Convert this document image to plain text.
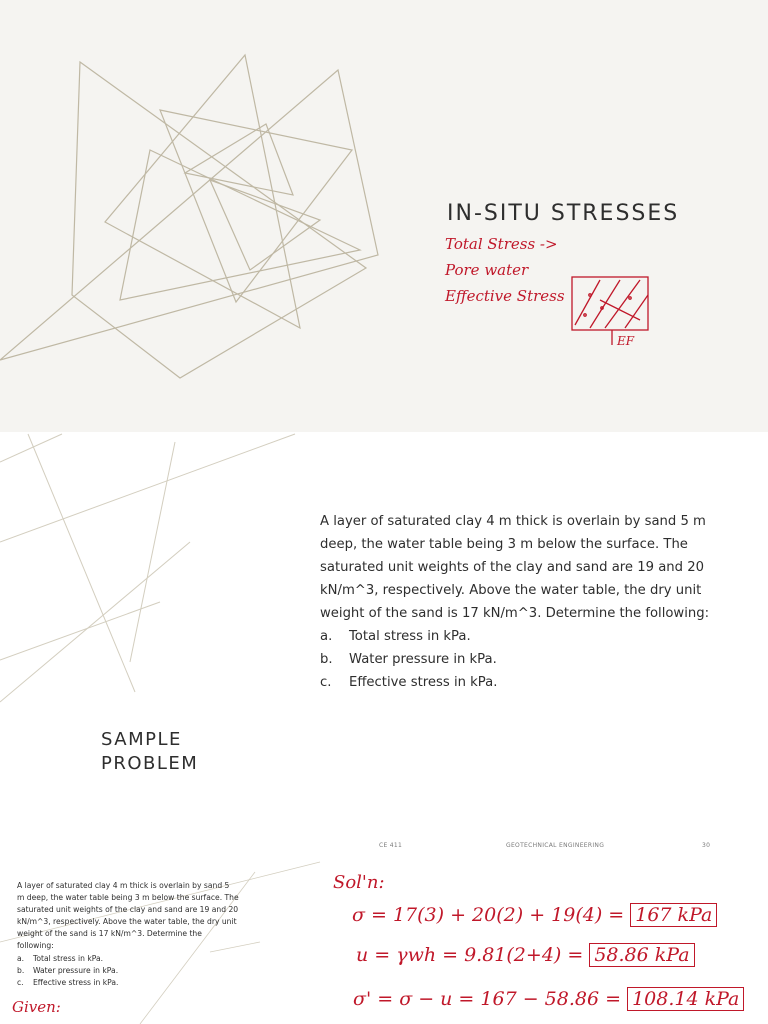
IN-SITU STRESSES

Total Stress ->

Pore water

Effective Stress

EF

A layer of saturated clay 4 m thick is overlain by sand 5 m deep, the water table being 3 m below the surface. The saturated unit weights of the clay and sand are 19 and 20 kN/m^3, respectively. Above the water table, the dry unit weight of the sand is 17 kN/m^3. Determine the following:

a.	Total stress in kPa.
b.	Water pressure in kPa.
c.	Effective stress in kPa.
SAMPLE
PROBLEM
CE 411	GEOTECHNICAL ENGINEERING	30

A layer of saturated clay 4 m thick is overlain by sand 5 m deep, the water table being 3 m below the surface. The saturated unit weights of the clay and sand are 19 and 20 kN/m^3, respectively. Above the water table, the dry unit weight of the sand is 17 kN/m^3. Determine the following:

a.	Total stress in kPa.
b.	Water pressure in kPa.
c.	Effective stress in kPa.

Given:

Sol'n:

σ = 17(3) + 20(2) + 19(4) = 167 kPa
u = γwh = 9.81(2+4) = 58.86 kPa
σ' = σ − u = 167 − 58.86 = 108.14 kPa
